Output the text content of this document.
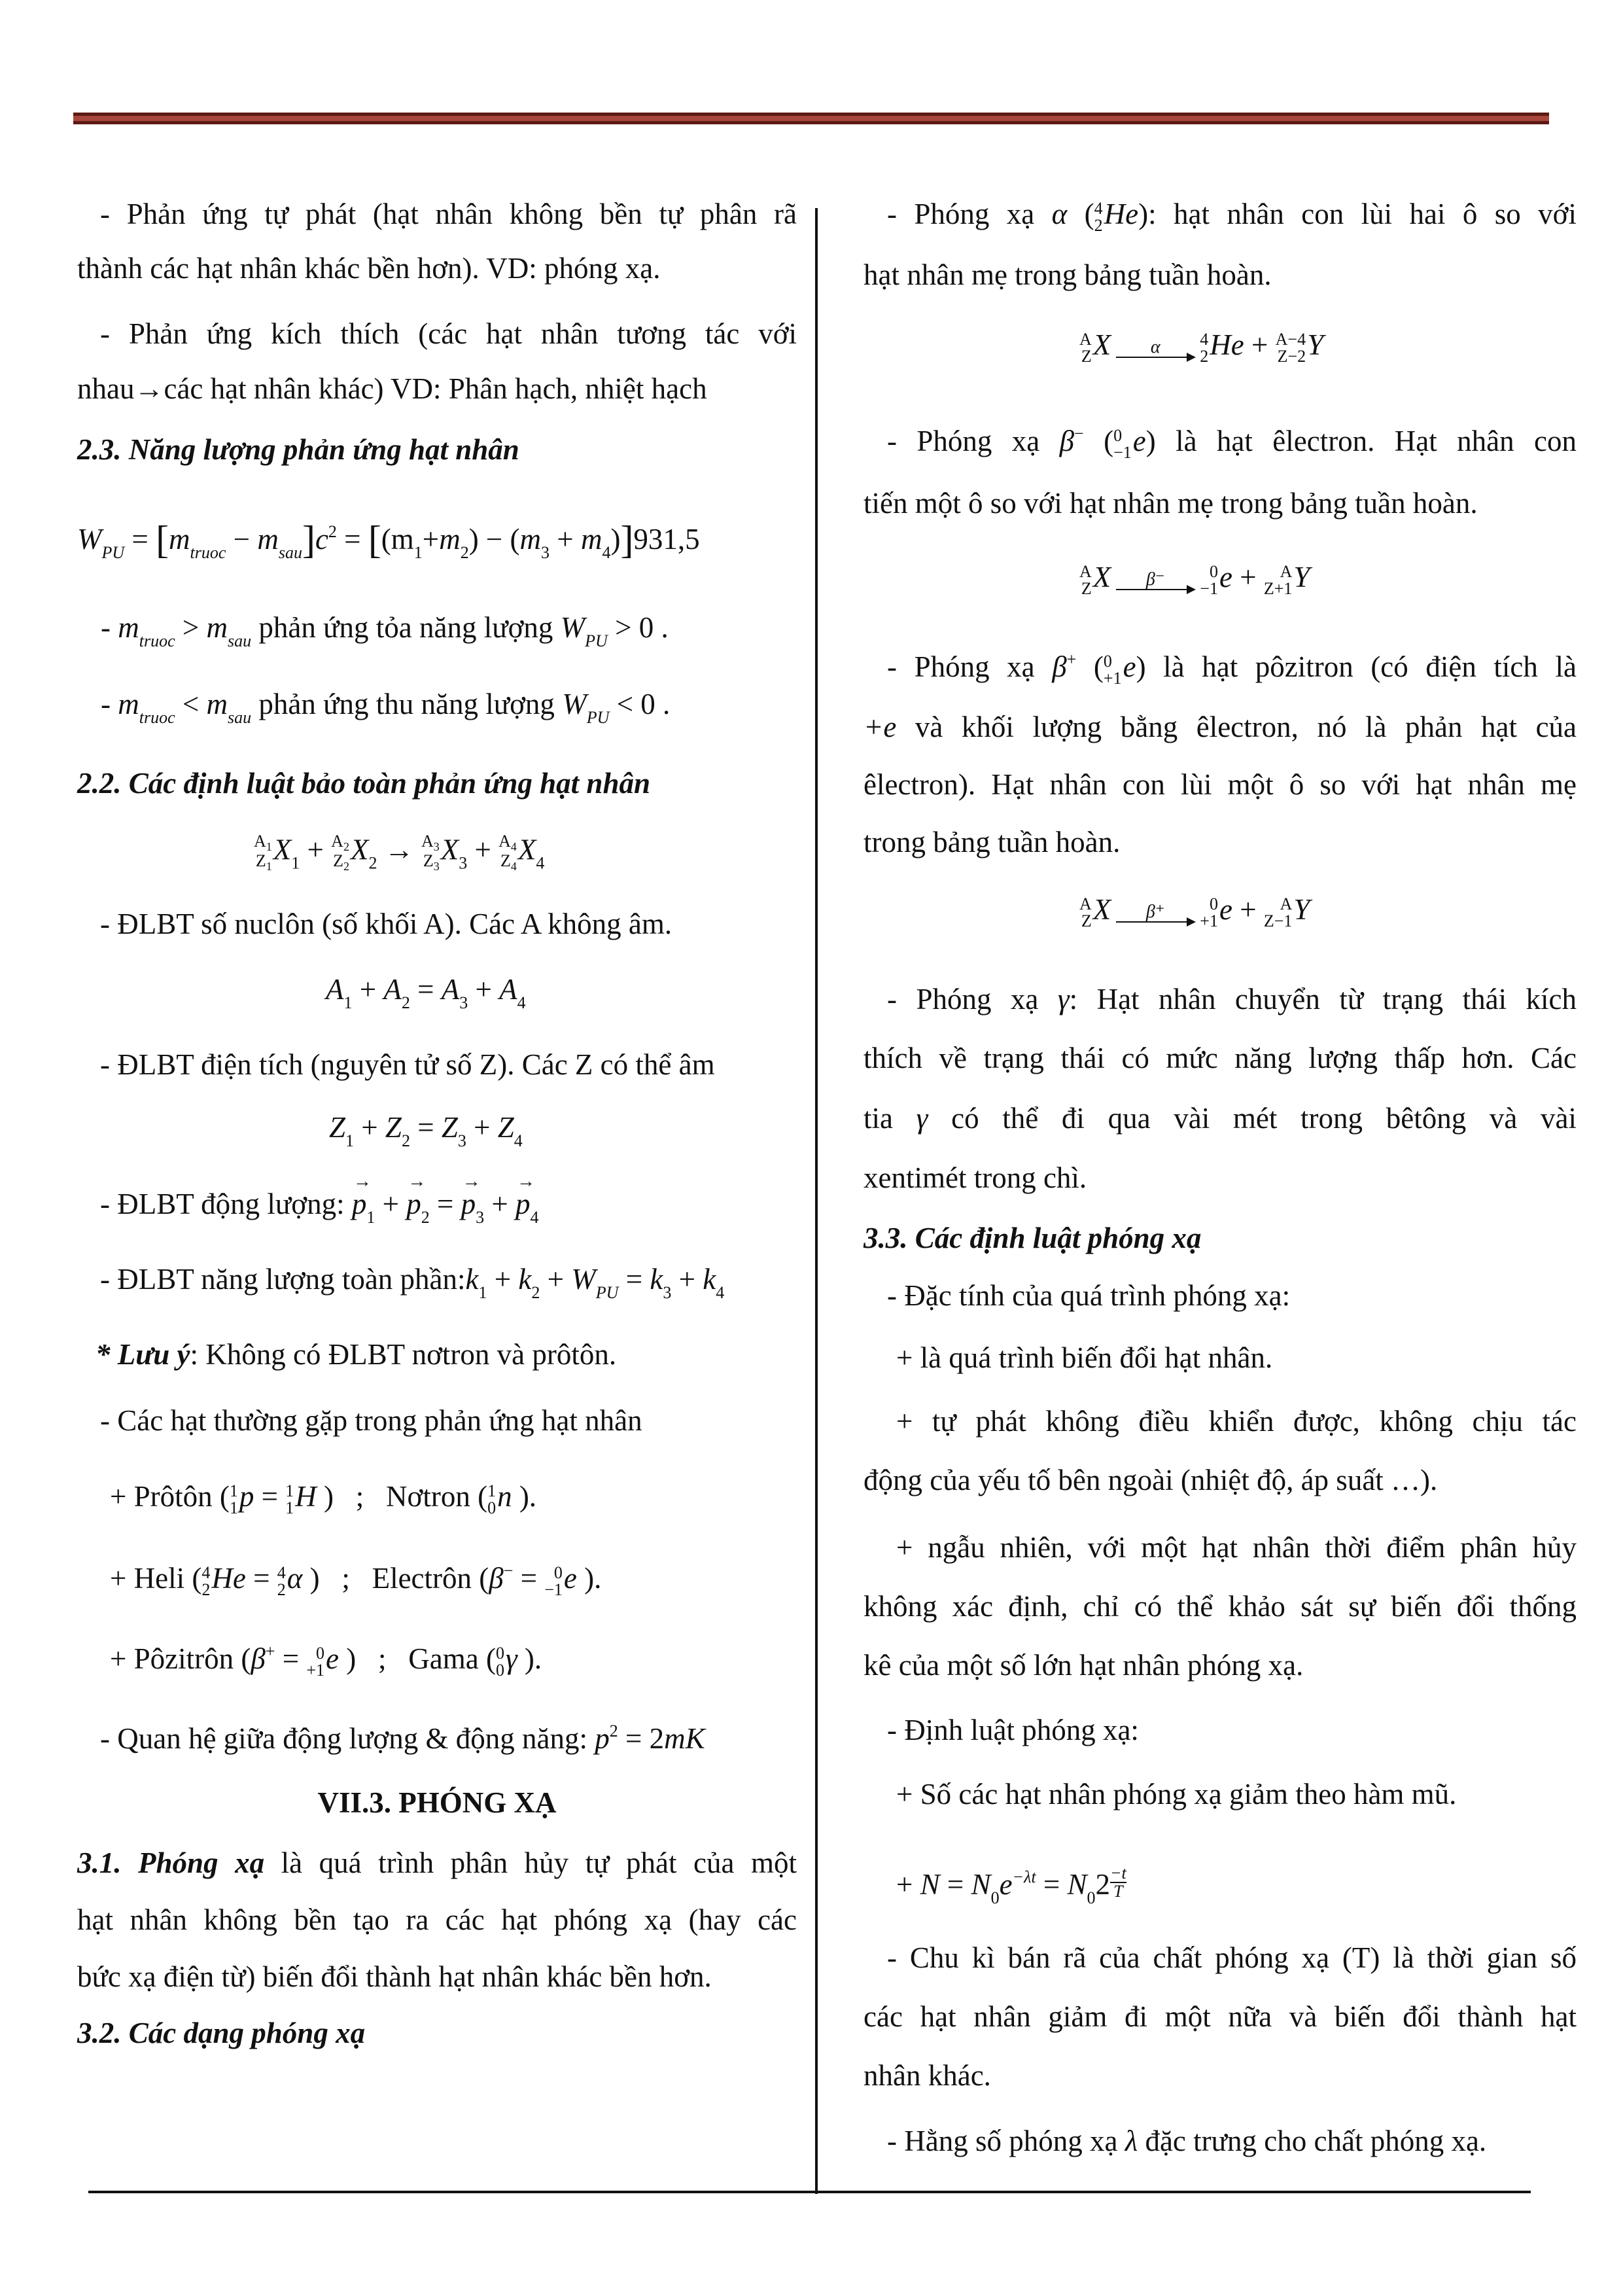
- Phản ứng tự phát (hạt nhân không bền tự phân rã
thành các hạt nhân khác bền hơn). VD: phóng xạ.
- Phản ứng kích thích (các hạt nhân tương tác với
nhau→các hạt nhân khác) VD: Phân hạch, nhiệt hạch
2.3. Năng lượng phản ứng hạt nhân
$W_{PU} = [m_{truoc} - m_{sau}]c^2 = [(m_1+m_2) - (m_3 + m_4)]931,5$
- $m_{truoc} > m_{sau}$ phản ứng tỏa năng lượng $W_{PU} > 0$ .
- $m_{truoc} < m_{sau}$ phản ứng thu năng lượng $W_{PU} < 0$ .
2.2. Các định luật bảo toàn phản ứng hạt nhân
$A_1$
$Z_1$
$X_1 + A_2$
$Z_2$
$X_2 \to A_3$
$Z_3$
$X_3 + A_4$
$Z_4$
$X_4$
- ĐLBT số nuclôn (số khối A). Các A không âm.
$A_1 + A_2 = A_3 + A_4$
- ĐLBT điện tích (nguyên tử số Z). Các Z có thể âm
$Z_1 + Z_2 = Z_3 + Z_4$
- ĐLBT động lượng: → $p_1$ + → $p_2$ = → $p_3$ + → $p_4$
- ĐLBT năng lượng toàn $phần:k_1 + k_2 + W_{PU} = k_3 + k_4$
* Lưu ý: Không có ĐLBT nơtron và prôtôn.
- Các hạt thường gặp trong phản ứng hạt nhân
+ Prôtôn ( 1
1 p = 1
1 H )   ;   Nơtron ( 1
0 n ).
+ Heli ( 4
2 He = 4
2 α )   ;   Electrôn (β− = 0
−1 e ).
+ Pôzitrôn (β+ = 0
+1 e )   ;   Gama ( 0
0 γ ).
- Quan hệ giữa động lượng & động năng: $p^2 = 2mK$
VII.3. PHÓNG XẠ
3.1. Phóng xạ là quá trình phân hủy tự phát của một
hạt nhân không bền tạo ra các hạt phóng xạ (hay các
bức xạ điện từ) biến đổi thành hạt nhân khác bền hơn.
3.2. Các dạng phóng xạ
- Phóng xạ α ( 4
2 He): hạt nhân con lùi hai ô so với
hạt nhân mẹ trong bảng tuần hoàn.
A
Z X α 4
2 He + A−4
Z−2 Y
- Phóng xạ β− ( 0
−1 e) là hạt êlectron. Hạt nhân con
tiến một ô so với hạt nhân mẹ trong bảng tuần hoàn.
A
Z X β⁻	0
−1 e + A
Z+1 Y
- Phóng xạ β+ ( 0
+1 e) là hạt pôzitron (có điện tích là
+e và khối lượng bằng êlectron, nó là phản hạt của
êlectron). Hạt nhân con lùi một ô so với hạt nhân mẹ
trong bảng tuần hoàn.
A
Z X β⁺	0
+1 e + A
Z−1 Y
- Phóng xạ γ: Hạt nhân chuyển từ trạng thái kích
thích về trạng thái có mức năng lượng thấp hơn. Các
tia γ có thể đi qua vài mét trong bêtông và vài
xentimét trong chì.
3.3. Các định luật phóng xạ
- Đặc tính của quá trình phóng xạ:
+ là quá trình biến đổi hạt nhân.
+ tự phát không điều khiển được, không chịu tác
động của yếu tố bên ngoài (nhiệt độ, áp suất …).
+ ngẫu nhiên, với một hạt nhân thời điểm phân hủy
không xác định, chỉ có thể khảo sát sự biến đổi thống
kê của một số lớn hạt nhân phóng xạ.
- Định luật phóng xạ:
+ Số các hạt nhân phóng xạ giảm theo hàm mũ.
+ $N = N_0e^{-\lambda t} = N_02 \frac{-t}{T}$
- Chu kì bán rã của chất phóng xạ (T) là thời gian số
các hạt nhân giảm đi một nữa và biến đổi thành hạt
nhân khác.
- Hằng số phóng xạ λ đặc trưng cho chất phóng xạ.
